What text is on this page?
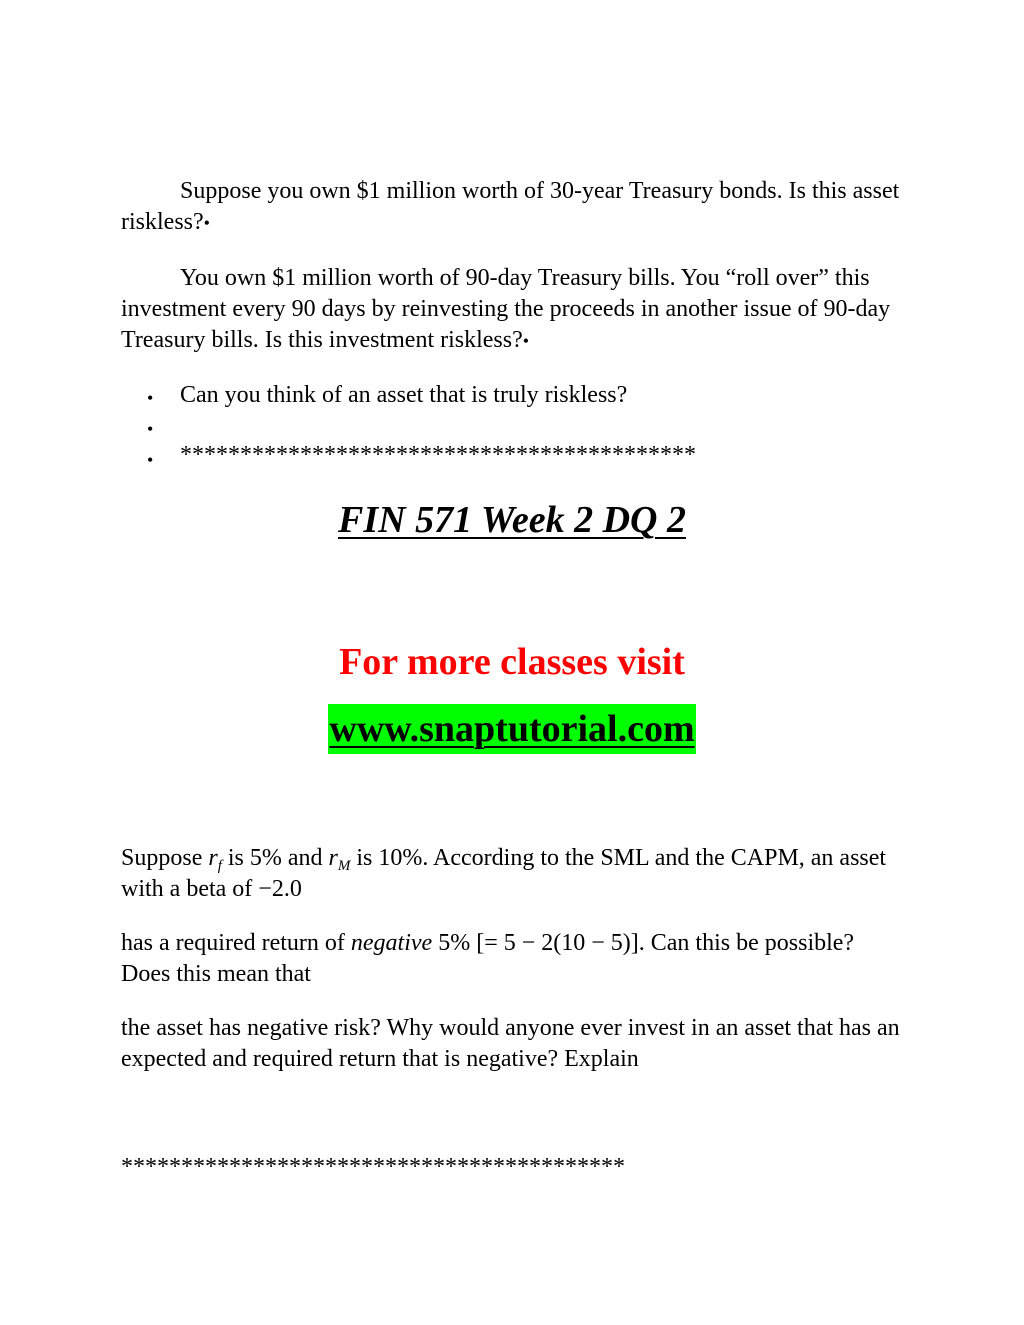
Suppose you own $1 million worth of 30-year Treasury bonds. Is this asset riskless?•

You own $1 million worth of 90-day Treasury bills. You “roll over” this investment every 90 days by reinvesting the proceeds in another issue of 90-day Treasury bills. Is this investment riskless?•

• Can you think of an asset that is truly riskless?

•

• *******************************************

FIN 571 Week 2 DQ 2
For more classes visit
www.snaptutorial.com

Suppose $r_f$ is 5% and $r_M$ is 10%. According to the SML and the CAPM, an asset with a beta of −2.0

has a required return of negative 5% [= 5 − 2(10 − 5)]. Can this be possible? Does this mean that

the asset has negative risk? Why would anyone ever invest in an asset that has an expected and required return that is negative? Explain

******************************************
